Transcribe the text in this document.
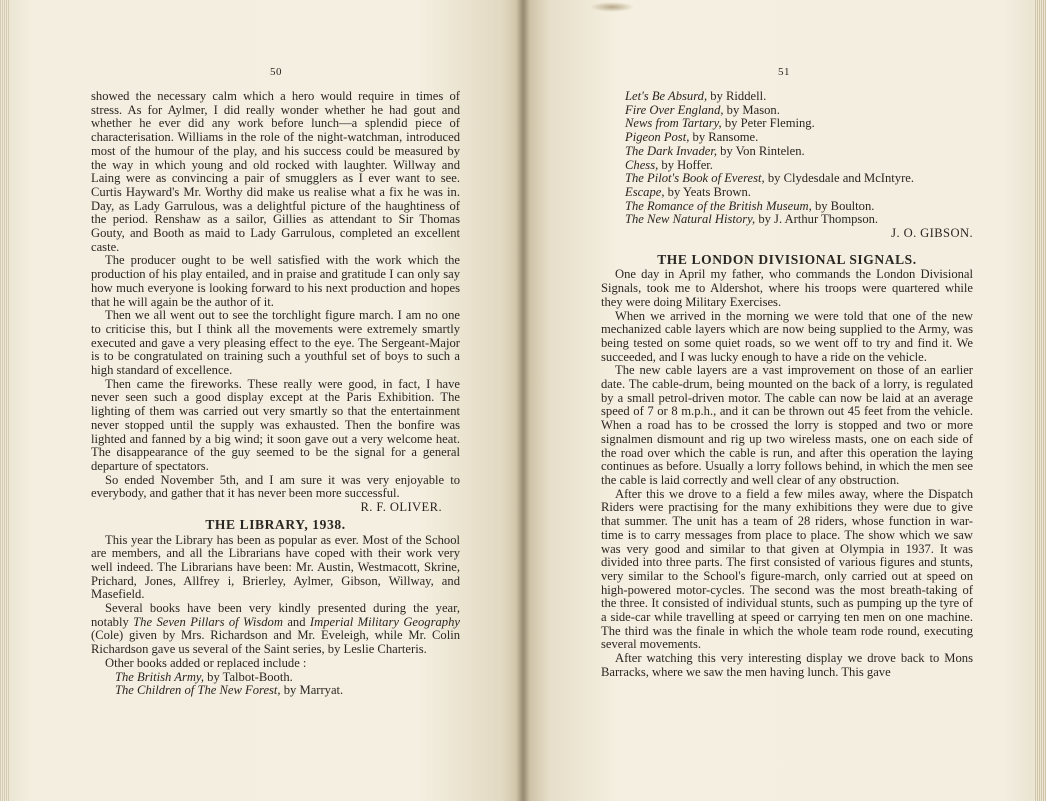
50

showed the necessary calm which a hero would require in times of stress. As for Aylmer, I did really wonder whether he had gout and whether he ever did any work before lunch—a splendid piece of characterisation. Williams in the role of the night-watchman, introduced most of the humour of the play, and his success could be measured by the way in which young and old rocked with laughter. Willway and Laing were as convincing a pair of smugglers as I ever want to see. Curtis Hayward's Mr. Worthy did make us realise what a fix he was in. Day, as Lady Garrulous, was a delightful picture of the haughtiness of the period. Renshaw as a sailor, Gillies as attendant to Sir Thomas Gouty, and Booth as maid to Lady Garrulous, completed an excellent caste.

The producer ought to be well satisfied with the work which the production of his play entailed, and in praise and gratitude I can only say how much everyone is looking forward to his next production and hopes that he will again be the author of it.

Then we all went out to see the torchlight figure march. I am no one to criticise this, but I think all the movements were extremely smartly executed and gave a very pleasing effect to the eye. The Sergeant-Major is to be congratulated on training such a youthful set of boys to such a high standard of excellence.

Then came the fireworks. These really were good, in fact, I have never seen such a good display except at the Paris Exhibition. The lighting of them was carried out very smartly so that the entertainment never stopped until the supply was exhausted. Then the bonfire was lighted and fanned by a big wind; it soon gave out a very welcome heat. The disappearance of the guy seemed to be the signal for a general departure of spectators.

So ended November 5th, and I am sure it was very enjoyable to everybody, and gather that it has never been more successful.

R. F. OLIVER.

THE LIBRARY, 1938.

This year the Library has been as popular as ever. Most of the School are members, and all the Librarians have coped with their work very well indeed. The Librarians have been: Mr. Austin, Westmacott, Skrine, Prichard, Jones, Allfrey i, Brierley, Aylmer, Gibson, Willway, and Masefield.

Several books have been very kindly presented during the year, notably The Seven Pillars of Wisdom and Imperial Military Geography (Cole) given by Mrs. Richardson and Mr. Eveleigh, while Mr. Colin Richardson gave us several of the Saint series, by Leslie Charteris.

Other books added or replaced include :

The British Army, by Talbot-Booth.
The Children of The New Forest, by Marryat.
51
Let's Be Absurd, by Riddell.
Fire Over England, by Mason.
News from Tartary, by Peter Fleming.
Pigeon Post, by Ransome.
The Dark Invader, by Von Rintelen.
Chess, by Hoffer.
The Pilot's Book of Everest, by Clydesdale and McIntyre.
Escape, by Yeats Brown.
The Romance of the British Museum, by Boulton.
The New Natural History, by J. Arthur Thompson.

J. O. GIBSON.

THE LONDON DIVISIONAL SIGNALS.

One day in April my father, who commands the London Divisional Signals, took me to Aldershot, where his troops were quartered while they were doing Military Exercises.

When we arrived in the morning we were told that one of the new mechanized cable layers which are now being supplied to the Army, was being tested on some quiet roads, so we went off to try and find it. We succeeded, and I was lucky enough to have a ride on the vehicle.

The new cable layers are a vast improvement on those of an earlier date. The cable-drum, being mounted on the back of a lorry, is regulated by a small petrol-driven motor. The cable can now be laid at an average speed of 7 or 8 m.p.h., and it can be thrown out 45 feet from the vehicle. When a road has to be crossed the lorry is stopped and two or more signalmen dismount and rig up two wireless masts, one on each side of the road over which the cable is run, and after this operation the laying continues as before. Usually a lorry follows behind, in which the men see the cable is laid correctly and well clear of any obstruction.

After this we drove to a field a few miles away, where the Dispatch Riders were practising for the many exhibitions they were due to give that summer. The unit has a team of 28 riders, whose function in war-time is to carry messages from place to place. The show which we saw was very good and similar to that given at Olympia in 1937. It was divided into three parts. The first consisted of various figures and stunts, very similar to the School's figure-march, only carried out at speed on high-powered motor-cycles. The second was the most breath-taking of the three. It consisted of individual stunts, such as pumping up the tyre of a side-car while travelling at speed or carrying ten men on one machine. The third was the finale in which the whole team rode round, executing several movements.

After watching this very interesting display we drove back to Mons Barracks, where we saw the men having lunch. This gave
